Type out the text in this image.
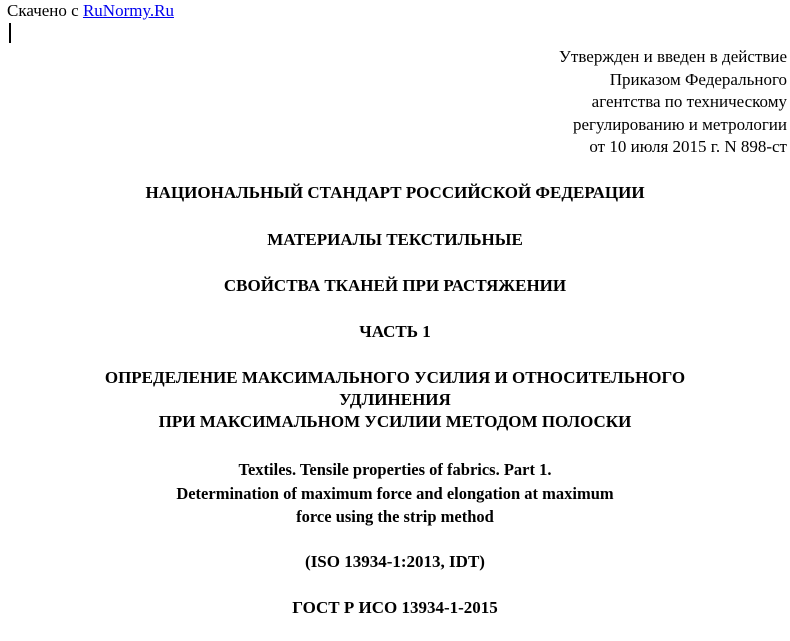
Скачено с RuNormy.Ru
Утвержден и введен в действие
Приказом Федерального
агентства по техническому
регулированию и метрологии
от 10 июля 2015 г. N 898-ст
НАЦИОНАЛЬНЫЙ СТАНДАРТ РОССИЙСКОЙ ФЕДЕРАЦИИ
МАТЕРИАЛЫ ТЕКСТИЛЬНЫЕ
СВОЙСТВА ТКАНЕЙ ПРИ РАСТЯЖЕНИИ
ЧАСТЬ 1
ОПРЕДЕЛЕНИЕ МАКСИМАЛЬНОГО УСИЛИЯ И ОТНОСИТЕЛЬНОГО
УДЛИНЕНИЯ
ПРИ МАКСИМАЛЬНОМ УСИЛИИ МЕТОДОМ ПОЛОСКИ
Textiles. Tensile properties of fabrics. Part 1.
Determination of maximum force and elongation at maximum
force using the strip method
(ISO 13934-1:2013, IDT)
ГОСТ Р ИСО 13934-1-2015
